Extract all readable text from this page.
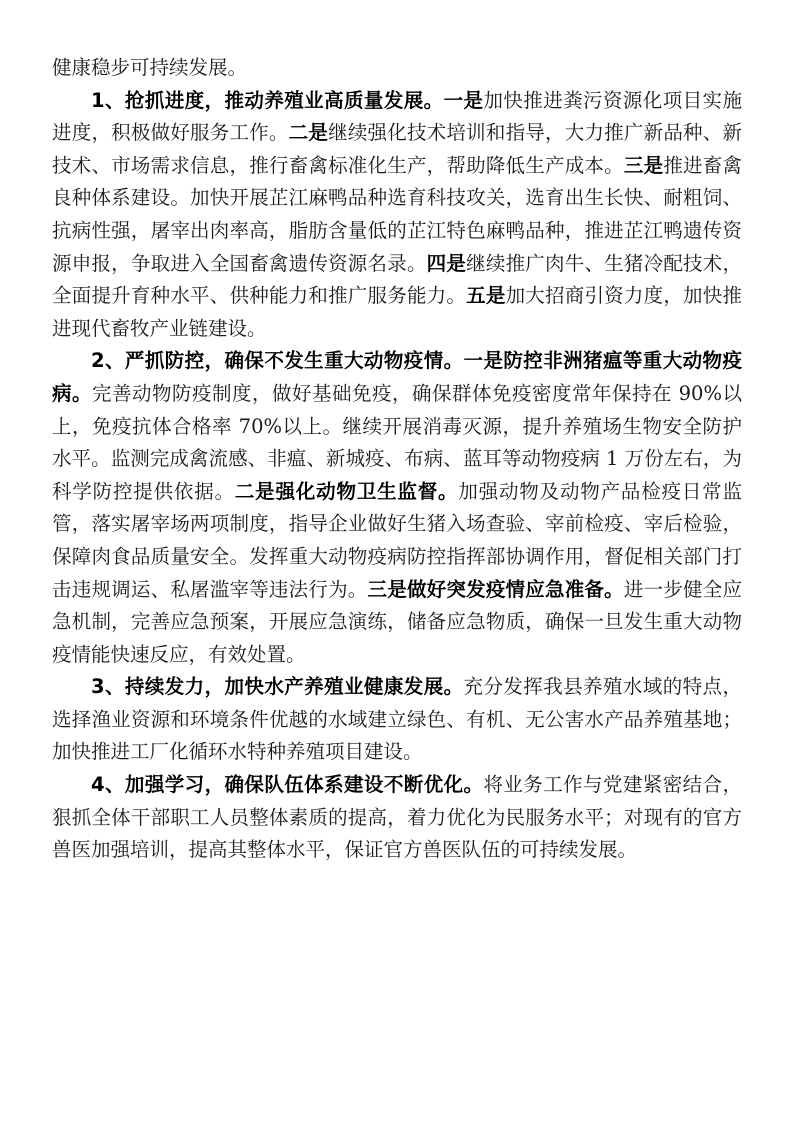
健康稳步可持续发展。

1、抢抓进度，推动养殖业高质量发展。一是加快推进粪污资源化项目实施进度，积极做好服务工作。二是继续强化技术培训和指导，大力推广新品种、新技术、市场需求信息，推行畜禽标准化生产，帮助降低生产成本。三是推进畜禽良种体系建设。加快开展芷江麻鸭品种选育科技攻关，选育出生长快、耐粗饲、抗病性强，屠宰出肉率高，脂肪含量低的芷江特色麻鸭品种，推进芷江鸭遗传资源申报，争取进入全国畜禽遗传资源名录。四是继续推广肉牛、生猪冷配技术，全面提升育种水平、供种能力和推广服务能力。五是加大招商引资力度，加快推进现代畜牧产业链建设。

2、严抓防控，确保不发生重大动物疫情。一是防控非洲猪瘟等重大动物疫病。完善动物防疫制度，做好基础免疫，确保群体免疫密度常年保持在 90%以上，免疫抗体合格率 70%以上。继续开展消毒灭源，提升养殖场生物安全防护水平。监测完成禽流感、非瘟、新城疫、布病、蓝耳等动物疫病 1 万份左右，为科学防控提供依据。二是强化动物卫生监督。加强动物及动物产品检疫日常监管，落实屠宰场两项制度，指导企业做好生猪入场查验、宰前检疫、宰后检验，保障肉食品质量安全。发挥重大动物疫病防控指挥部协调作用，督促相关部门打击违规调运、私屠滥宰等违法行为。三是做好突发疫情应急准备。进一步健全应急机制，完善应急预案，开展应急演练，储备应急物质，确保一旦发生重大动物疫情能快速反应，有效处置。

3、持续发力，加快水产养殖业健康发展。充分发挥我县养殖水域的特点，选择渔业资源和环境条件优越的水域建立绿色、有机、无公害水产品养殖基地；加快推进工厂化循环水特种养殖项目建设。

4、加强学习，确保队伍体系建设不断优化。将业务工作与党建紧密结合，狠抓全体干部职工人员整体素质的提高，着力优化为民服务水平；对现有的官方兽医加强培训，提高其整体水平，保证官方兽医队伍的可持续发展。
